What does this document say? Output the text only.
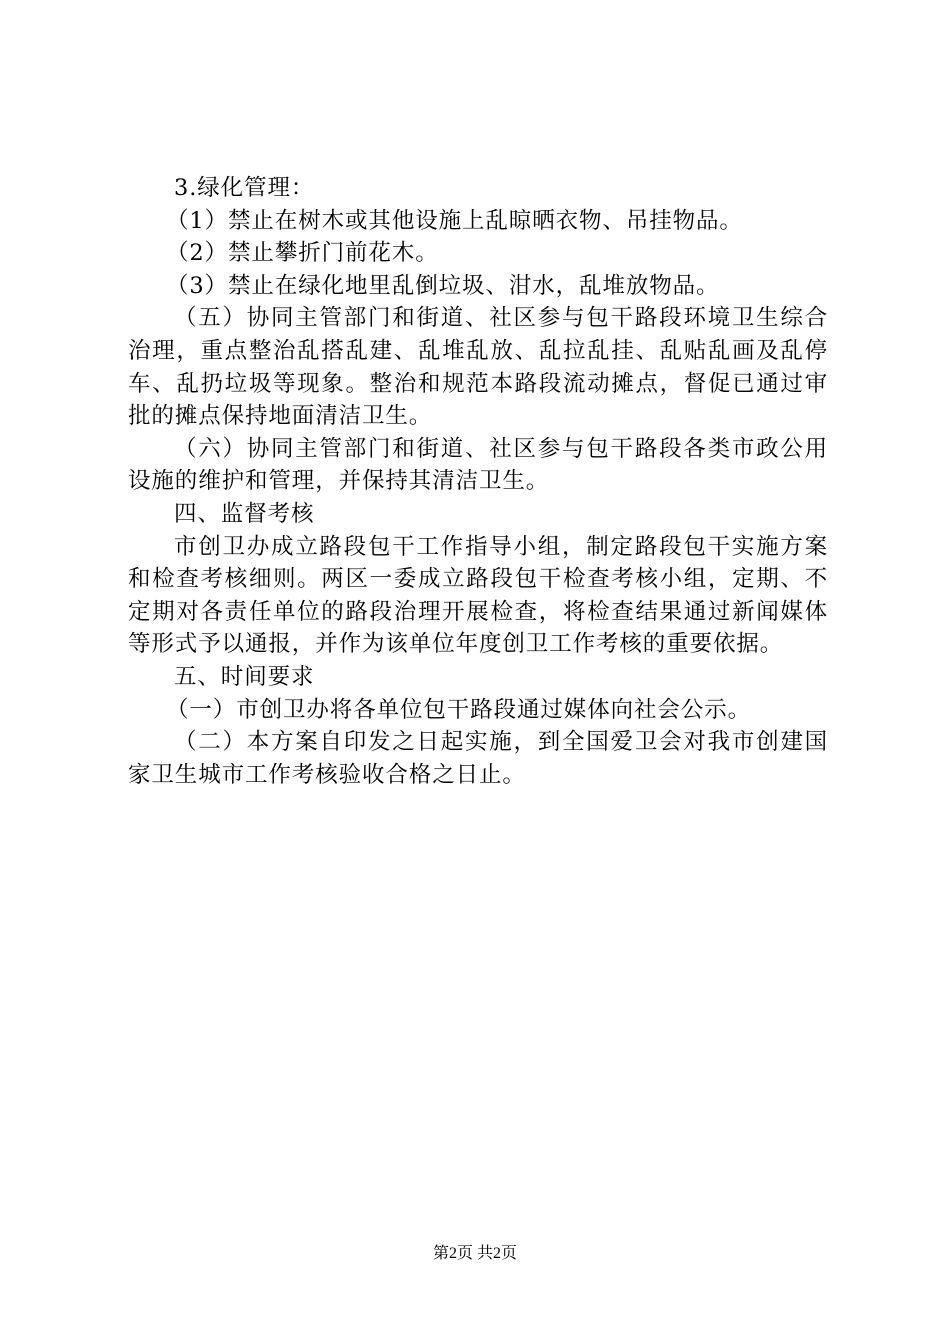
3.绿化管理：

（1）禁止在树木或其他设施上乱晾晒衣物、吊挂物品。

（2）禁止攀折门前花木。

（3）禁止在绿化地里乱倒垃圾、泔水，乱堆放物品。

（五）协同主管部门和街道、社区参与包干路段环境卫生综合治理，重点整治乱搭乱建、乱堆乱放、乱拉乱挂、乱贴乱画及乱停车、乱扔垃圾等现象。整治和规范本路段流动摊点，督促已通过审批的摊点保持地面清洁卫生。

（六）协同主管部门和街道、社区参与包干路段各类市政公用设施的维护和管理，并保持其清洁卫生。

四、监督考核

市创卫办成立路段包干工作指导小组，制定路段包干实施方案和检查考核细则。两区一委成立路段包干检查考核小组，定期、不定期对各责任单位的路段治理开展检查，将检查结果通过新闻媒体等形式予以通报，并作为该单位年度创卫工作考核的重要依据。

五、时间要求

（一）市创卫办将各单位包干路段通过媒体向社会公示。

（二）本方案自印发之日起实施，到全国爱卫会对我市创建国家卫生城市工作考核验收合格之日止。

第2页 共2页
